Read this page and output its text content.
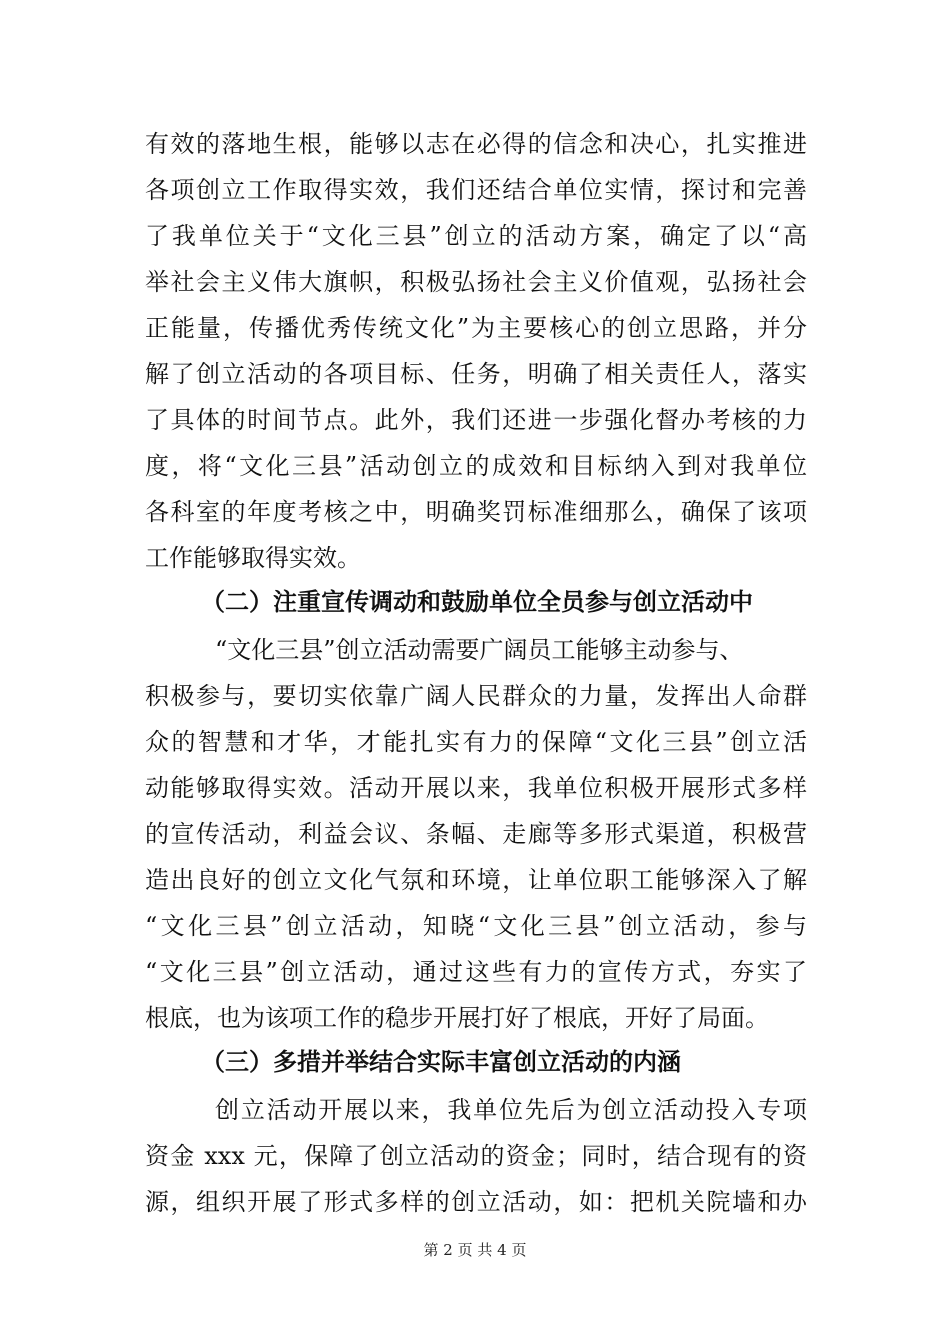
有效的落地生根，能够以志在必得的信念和决心，扎实推进
各项创立工作取得实效，我们还结合单位实情，探讨和完善
了我单位关于“文化三县”创立的活动方案，确定了以“高
举社会主义伟大旗帜，积极弘扬社会主义价值观，弘扬社会
正能量，传播优秀传统文化”为主要核心的创立思路，并分
解了创立活动的各项目标、任务，明确了相关责任人，落实
了具体的时间节点。此外，我们还进一步强化督办考核的力
度，将“文化三县”活动创立的成效和目标纳入到对我单位
各科室的年度考核之中，明确奖罚标准细那么，确保了该项
工作能够取得实效。
（二）注重宣传调动和鼓励单位全员参与创立活动中
“文化三县”创立活动需要广阔员工能够主动参与、
积极参与，要切实依靠广阔人民群众的力量，发挥出人命群
众的智慧和才华，才能扎实有力的保障“文化三县”创立活
动能够取得实效。活动开展以来，我单位积极开展形式多样
的宣传活动，利益会议、条幅、走廊等多形式渠道，积极营
造出良好的创立文化气氛和环境，让单位职工能够深入了解
“文化三县”创立活动，知晓“文化三县”创立活动，参与
“文化三县”创立活动，通过这些有力的宣传方式，夯实了
根底，也为该项工作的稳步开展打好了根底，开好了局面。
（三）多措并举结合实际丰富创立活动的内涵
创立活动开展以来，我单位先后为创立活动投入专项
资金 xxx 元，保障了创立活动的资金；同时，结合现有的资
源，组织开展了形式多样的创立活动，如：把机关院墙和办
第 2 页 共 4 页
